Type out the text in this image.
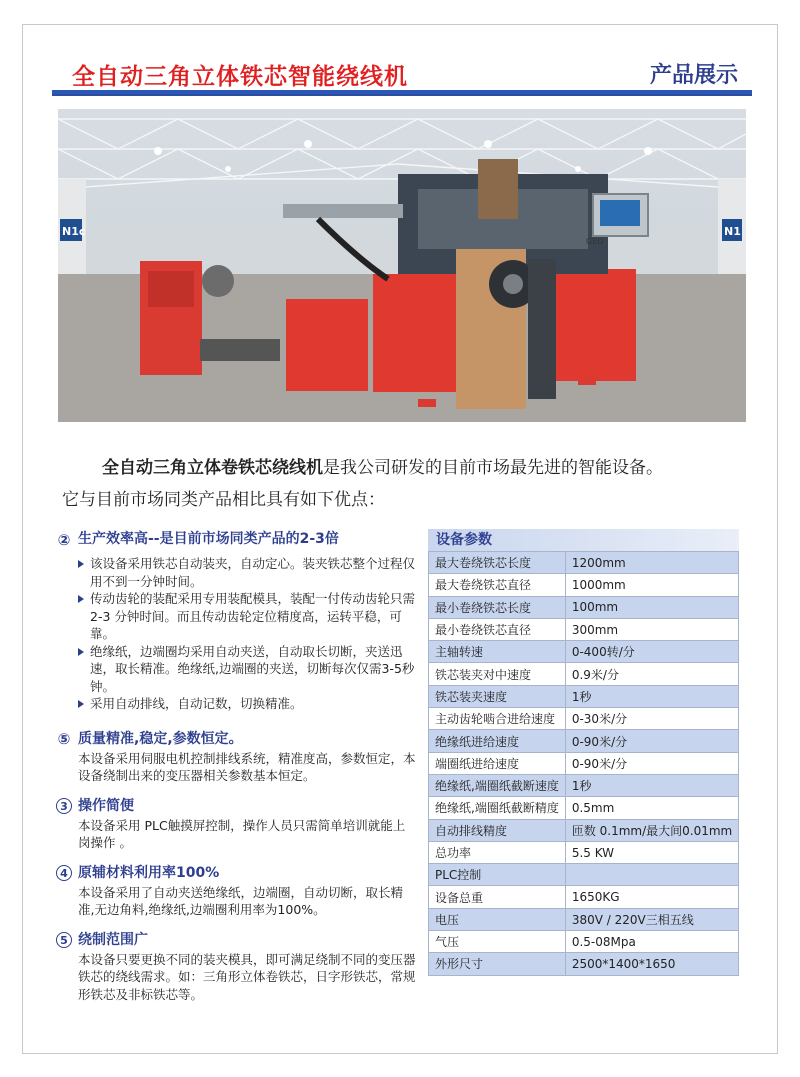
全自动三角立体铁芯智能绕线机	产品展示
N1c	N1
GEO
全自动三角立体卷铁芯绕线机是我公司研发的目前市场最先进的智能设备。
它与目前市场同类产品相比具有如下优点：
② 生产效率高--是目前市场同类产品的2-3倍
该设备采用铁芯自动装夹，自动定心。装夹铁芯整个过程仅用不到一分钟时间。
传动齿轮的装配采用专用装配模具，装配一付传动齿轮只需2-3 分钟时间。而且传动齿轮定位精度高，运转平稳，可靠。
绝缘纸，边端圈均采用自动夹送，自动取长切断，夹送迅速，取长精准。绝缘纸,边端圈的夹送，切断每次仅需3-5秒钟。
采用自动排线，自动记数，切换精准。
⑤ 质量精准,稳定,参数恒定。
本设备采用伺服电机控制排线系统，精准度高，参数恒定，本设备绕制出来的变压器相关参数基本恒定。
3 操作简便
本设备采用 PLC触摸屏控制，操作人员只需简单培训就能上岗操作 。
4 原辅材料利用率100%
本设备采用了自动夹送绝缘纸，边端圈，自动切断，取长精准,无边角料,绝缘纸,边端圈利用率为100%。
5 绕制范围广
本设备只要更换不同的装夹模具，即可满足绕制不同的变压器铁芯的绕线需求。如：三角形立体卷铁芯，日字形铁芯，常规形铁芯及非标铁芯等。
设备参数
最大卷绕铁芯长度	1200mm
最大卷绕铁芯直径	1000mm
最小卷绕铁芯长度	100mm
最小卷绕铁芯直径	300mm
主轴转速	0-400转/分
铁芯装夹对中速度	0.9米/分
铁芯装夹速度	1秒
主动齿轮啮合进给速度	0-30米/分
绝缘纸进给速度	0-90米/分
端圈纸进给速度	0-90米/分
绝缘纸,端圈纸截断速度	1秒
绝缘纸,端圈纸截断精度	0.5mm
自动排线精度	匝数 0.1mm/最大间0.01mm
总功率	5.5 KW
PLC控制	
设备总重	1650KG
电压	380V / 220V三相五线
气压	0.5-08Mpa
外形尺寸	2500*1400*1650
